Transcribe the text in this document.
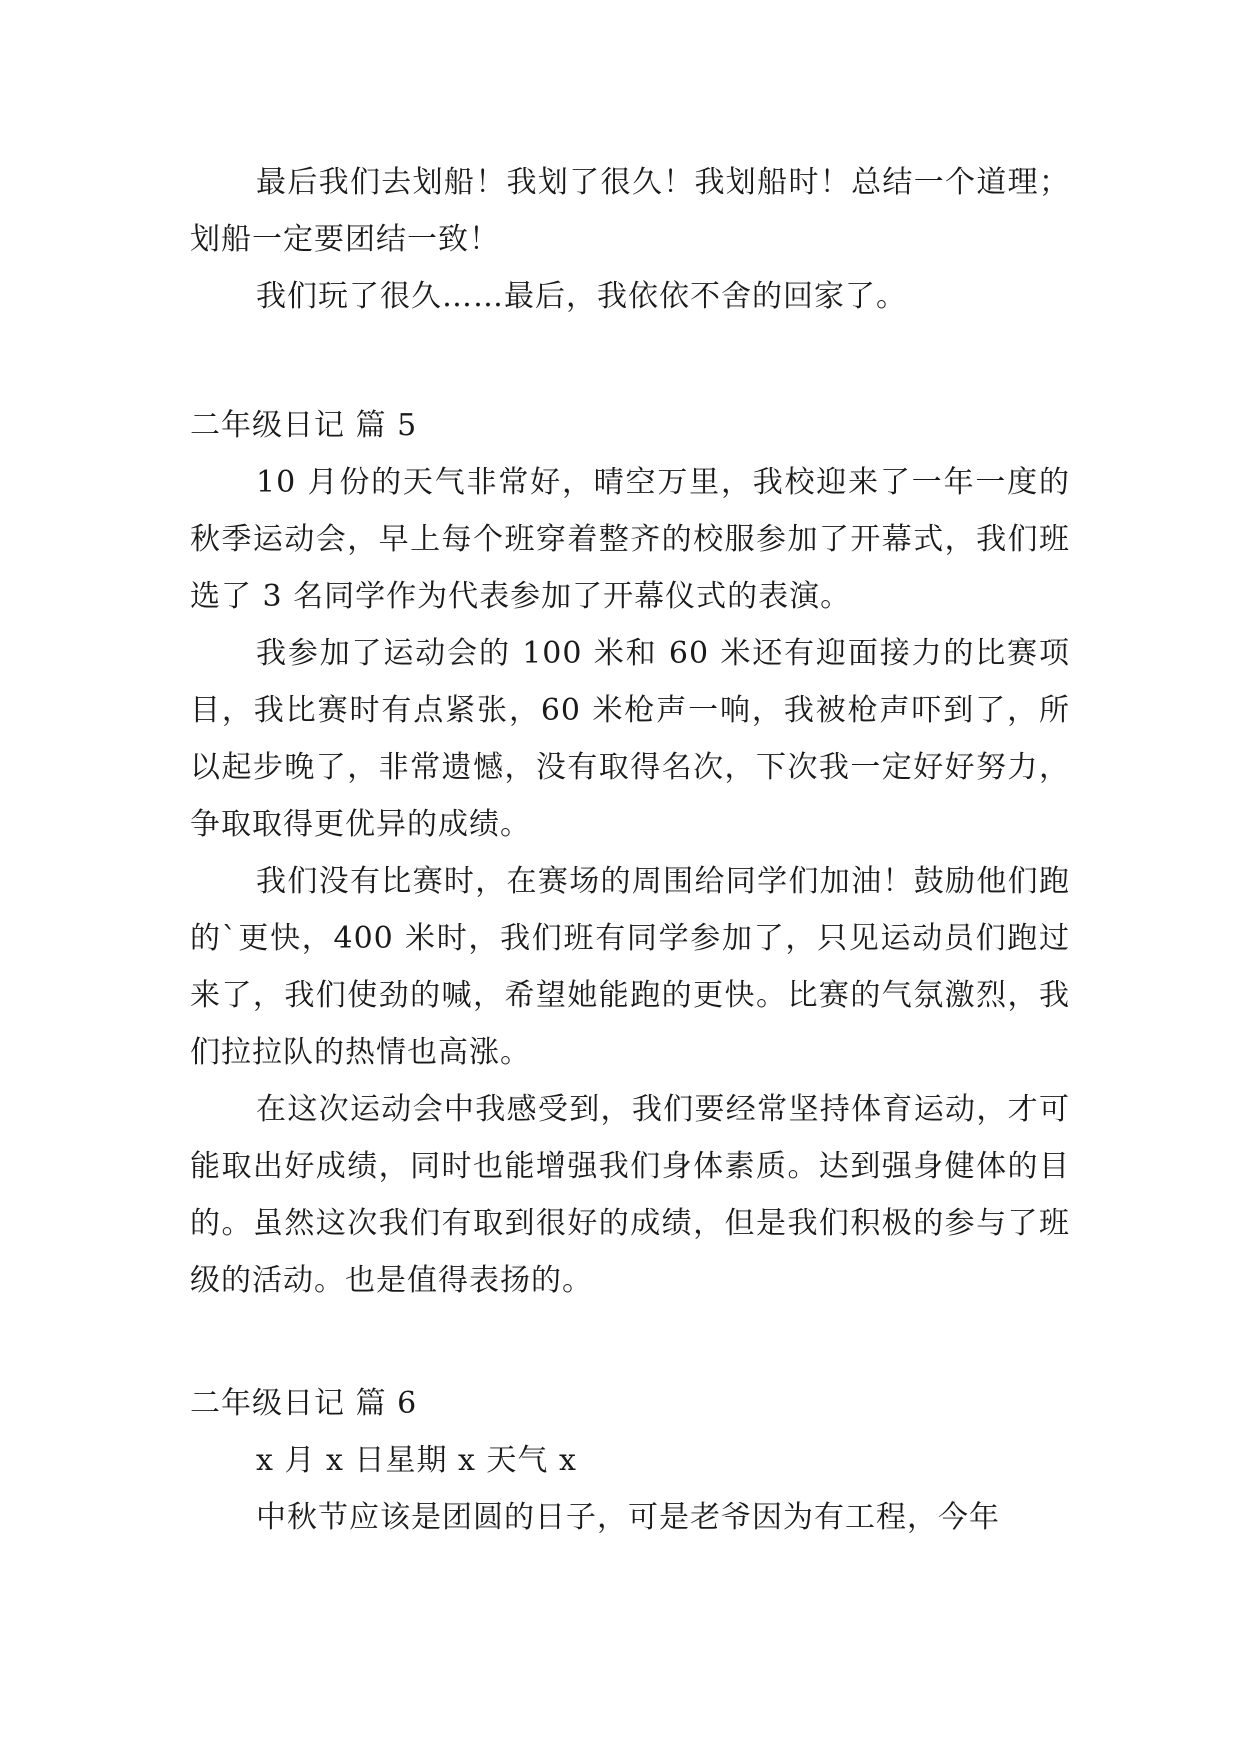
最后我们去划船！我划了很久！我划船时！总结一个道理；划船一定要团结一致！

我们玩了很久……最后，我依依不舍的回家了。

二年级日记 篇 5

10 月份的天气非常好，晴空万里，我校迎来了一年一度的秋季运动会，早上每个班穿着整齐的校服参加了开幕式，我们班选了 3 名同学作为代表参加了开幕仪式的表演。

我参加了运动会的 100 米和 60 米还有迎面接力的比赛项目，我比赛时有点紧张，60 米枪声一响，我被枪声吓到了，所以起步晚了，非常遗憾，没有取得名次，下次我一定好好努力，争取取得更优异的成绩。

我们没有比赛时，在赛场的周围给同学们加油！鼓励他们跑的`更快，400 米时，我们班有同学参加了，只见运动员们跑过来了，我们使劲的喊，希望她能跑的更快。比赛的气氛激烈，我们拉拉队的热情也高涨。

在这次运动会中我感受到，我们要经常坚持体育运动，才可能取出好成绩，同时也能增强我们身体素质。达到强身健体的目的。虽然这次我们有取到很好的成绩，但是我们积极的参与了班级的活动。也是值得表扬的。

二年级日记 篇 6

x 月 x 日星期 x 天气 x

中秋节应该是团圆的日子，可是老爷因为有工程，今年
